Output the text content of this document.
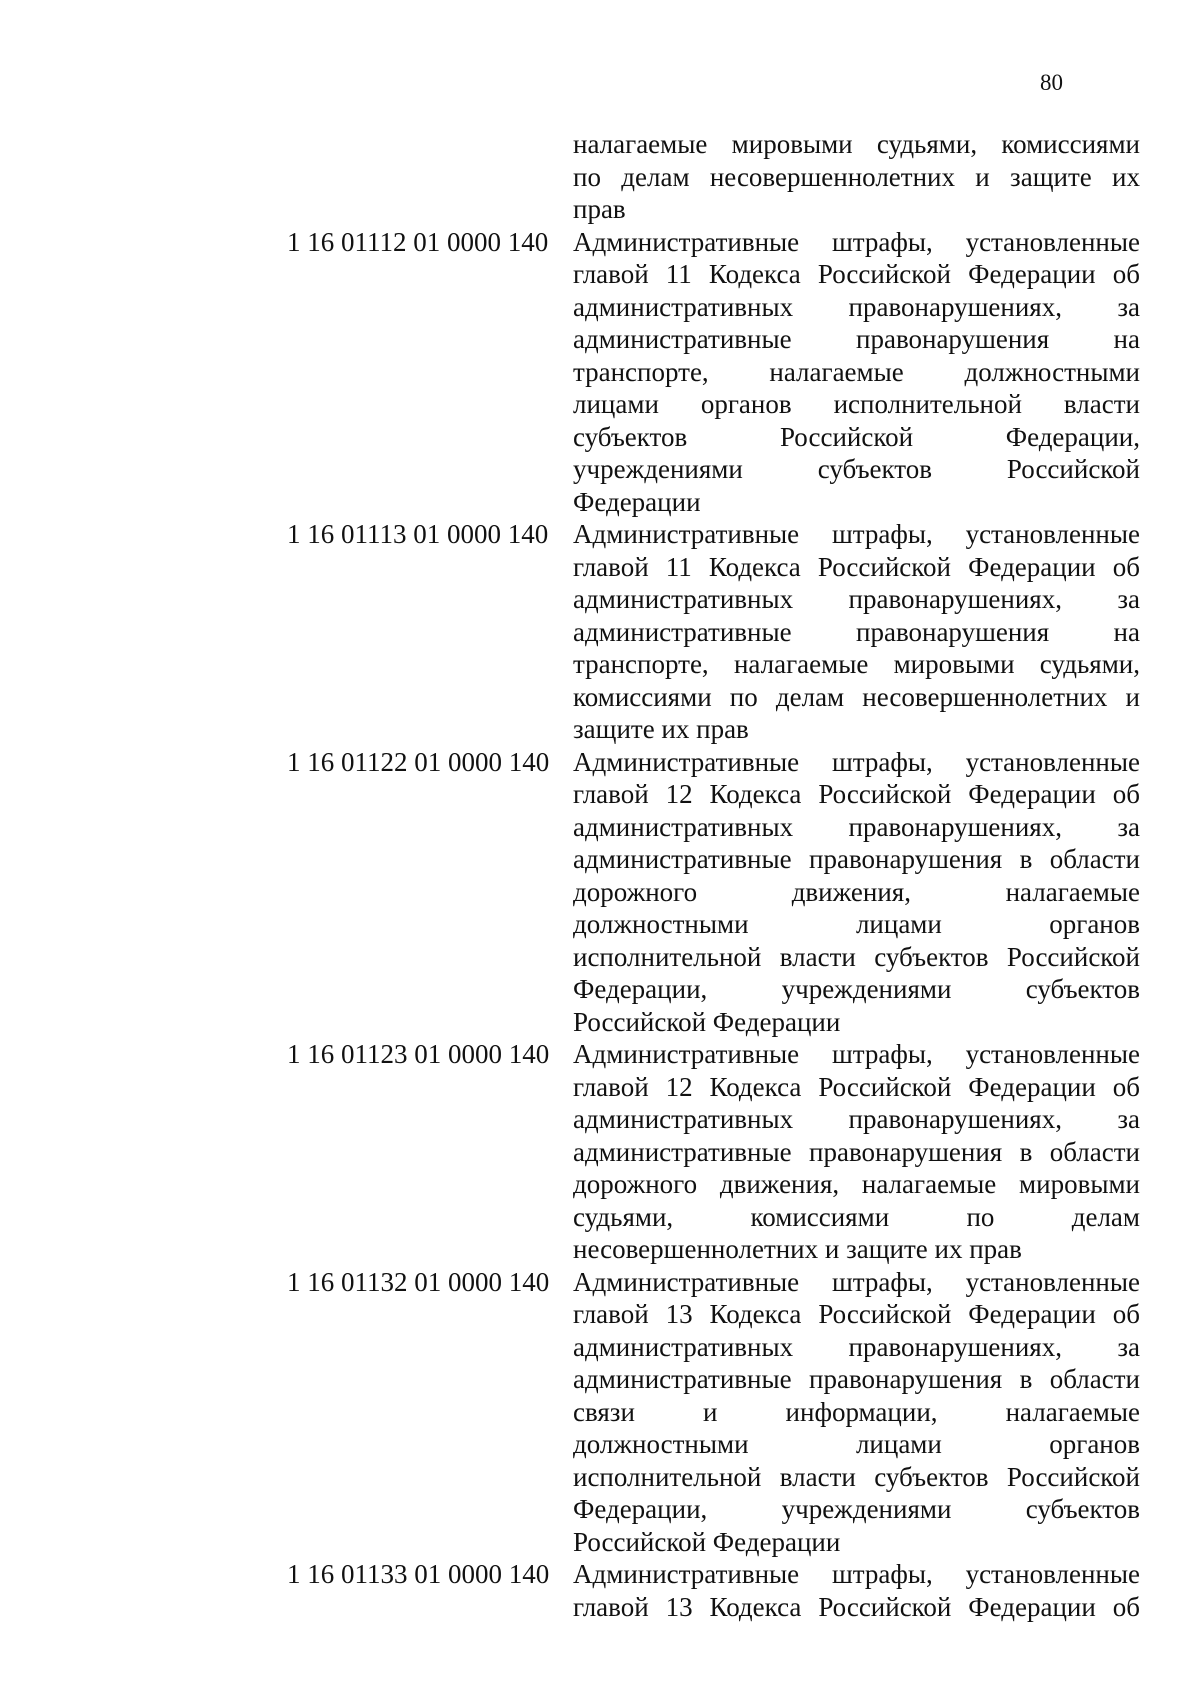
80
налагаемые мировыми судьями, комиссиями
по делам несовершеннолетних и защите их
прав
1 16 01112 01 0000 140 Административные штрафы, установленные
главой 11 Кодекса Российской Федерации об
административных правонарушениях, за
административные правонарушения на
транспорте, налагаемые должностными
лицами органов исполнительной власти
субъектов Российской Федерации,
учреждениями субъектов Российской
Федерации
1 16 01113 01 0000 140 Административные штрафы, установленные
главой 11 Кодекса Российской Федерации об
административных правонарушениях, за
административные правонарушения на
транспорте, налагаемые мировыми судьями,
комиссиями по делам несовершеннолетних и
защите их прав
1 16 01122 01 0000 140 Административные штрафы, установленные
главой 12 Кодекса Российской Федерации об
административных правонарушениях, за
административные правонарушения в области
дорожного движения, налагаемые
должностными лицами органов
исполнительной власти субъектов Российской
Федерации, учреждениями субъектов
Российской Федерации
1 16 01123 01 0000 140 Административные штрафы, установленные
главой 12 Кодекса Российской Федерации об
административных правонарушениях, за
административные правонарушения в области
дорожного движения, налагаемые мировыми
судьями, комиссиями по делам
несовершеннолетних и защите их прав
1 16 01132 01 0000 140 Административные штрафы, установленные
главой 13 Кодекса Российской Федерации об
административных правонарушениях, за
административные правонарушения в области
связи и информации, налагаемые
должностными лицами органов
исполнительной власти субъектов Российской
Федерации, учреждениями субъектов
Российской Федерации
1 16 01133 01 0000 140 Административные штрафы, установленные
главой 13 Кодекса Российской Федерации об
